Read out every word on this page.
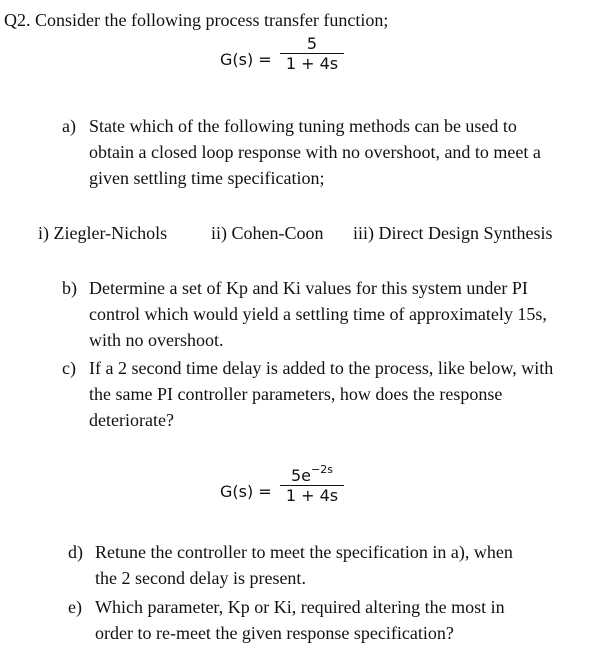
Q2. Consider the following process transfer function;
G(s) =
5
1 + 4s
a) State which of the following tuning methods can be used to
obtain a closed loop response with no overshoot, and to meet a
given settling time specification;
i) Ziegler-Nichols ii) Cohen-Coon iii) Direct Design Synthesis
b) Determine a set of Kp and Ki values for this system under PI
control which would yield a settling time of approximately 15s,
with no overshoot.
c) If a 2 second time delay is added to the process, like below, with
the same PI controller parameters, how does the response
deteriorate?
G(s) =
$5e^{-2s}$
1 + 4s
d) Retune the controller to meet the specification in a), when
the 2 second delay is present.
e) Which parameter, Kp or Ki, required altering the most in
order to re-meet the given response specification?
